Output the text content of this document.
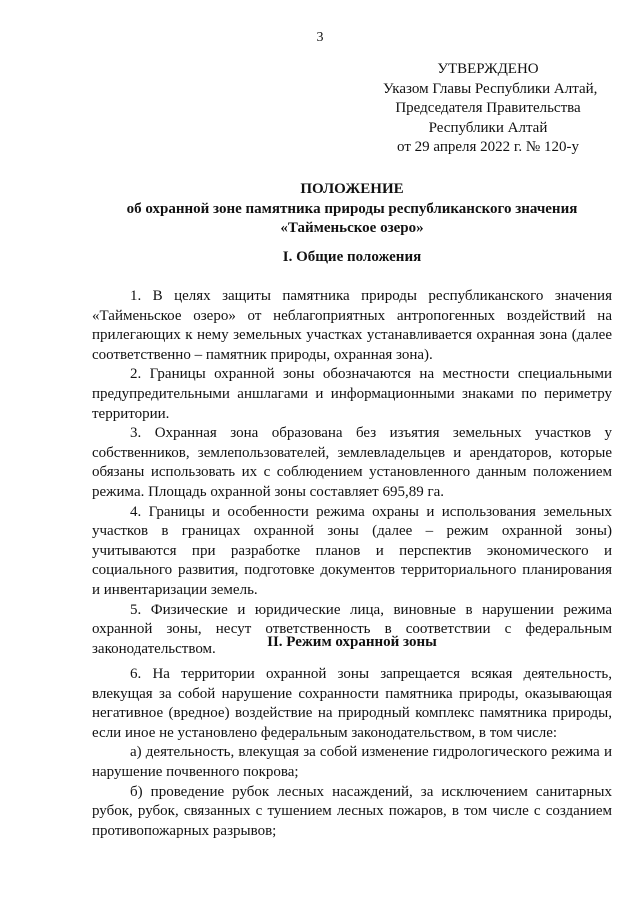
3
УТВЕРЖДЕНО
Указом Главы Республики Алтай,
Председателя Правительства
Республики Алтай
от 29 апреля 2022 г. № 120-у
ПОЛОЖЕНИЕ
об охранной зоне памятника природы республиканского значения
«Тайменьское озеро»
I. Общие положения

1. В целях защиты памятника природы республиканского значения «Тайменьское озеро» от неблагоприятных антропогенных воздействий на прилегающих к нему земельных участках устанавливается охранная зона (далее соответственно – памятник природы, охранная зона).

2. Границы охранной зоны обозначаются на местности специальными предупредительными аншлагами и информационными знаками по периметру территории.

3. Охранная зона образована без изъятия земельных участков у собственников, землепользователей, землевладельцев и арендаторов, которые обязаны использовать их с соблюдением установленного данным положением режима. Площадь охранной зоны составляет 695,89 га.

4. Границы и особенности режима охраны и использования земельных участков в границах охранной зоны (далее – режим охранной зоны) учитываются при разработке планов и перспектив экономического и социального развития, подготовке документов территориального планирования и инвентаризации земель.

5. Физические и юридические лица, виновные в нарушении режима охранной зоны, несут ответственность в соответствии с федеральным законодательством.	II. Режим охранной зоны

6. На территории охранной зоны запрещается всякая деятельность, влекущая за собой нарушение сохранности памятника природы, оказывающая негативное (вредное) воздействие на природный комплекс памятника природы, если иное не установлено федеральным законодательством, в том числе:

а) деятельность, влекущая за собой изменение гидрологического режима и нарушение почвенного покрова;

б) проведение рубок лесных насаждений, за исключением санитарных рубок, рубок, связанных с тушением лесных пожаров, в том числе с созданием противопожарных разрывов;
